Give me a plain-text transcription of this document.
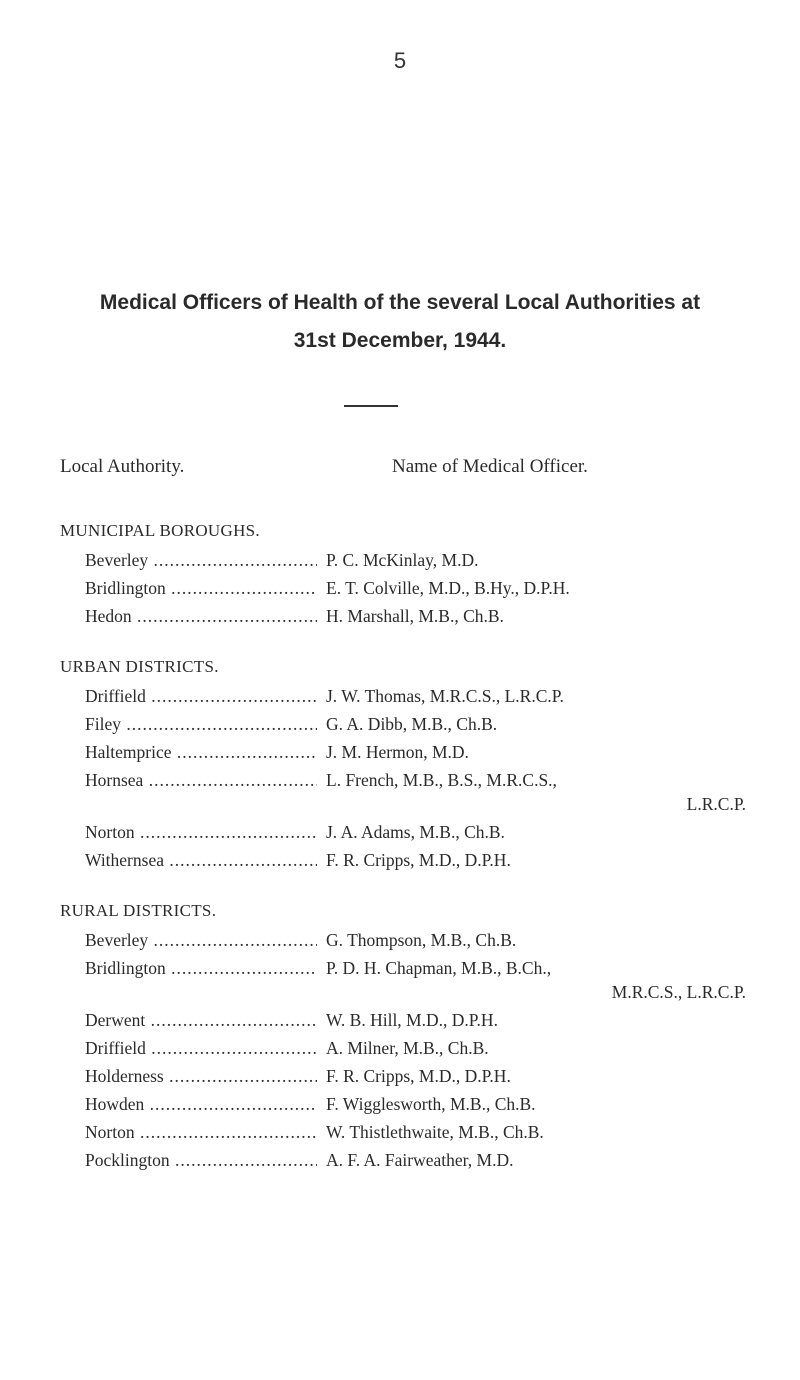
5
Medical Officers of Health of the several Local Authorities at
31st December, 1944.
Local Authority.	Name of Medical Officer.
MUNICIPAL BOROUGHS.
Beverley .....	P. C. McKinlay, M.D.
Bridlington .....	E. T. Colville, M.D., B.Hy., D.P.H.
Hedon .....	H. Marshall, M.B., Ch.B.
URBAN DISTRICTS.
Driffield .....	J. W. Thomas, M.R.C.S., L.R.C.P.
Filey .....	G. A. Dibb, M.B., Ch.B.
Haltemprice .....	J. M. Hermon, M.D.
Hornsea .....	L. French, M.B., B.S., M.R.C.S.,
L.R.C.P.
Norton .....	J. A. Adams, M.B., Ch.B.
Withernsea .....	F. R. Cripps, M.D., D.P.H.
RURAL DISTRICTS.
Beverley .....	G. Thompson, M.B., Ch.B.
Bridlington .....	P. D. H. Chapman, M.B., B.Ch.,
M.R.C.S., L.R.C.P.
Derwent .....	W. B. Hill, M.D., D.P.H.
Driffield .....	A. Milner, M.B., Ch.B.
Holderness .....	F. R. Cripps, M.D., D.P.H.
Howden .....	F. Wigglesworth, M.B., Ch.B.
Norton .....	W. Thistlethwaite, M.B., Ch.B.
Pocklington .....	A. F. A. Fairweather, M.D.
